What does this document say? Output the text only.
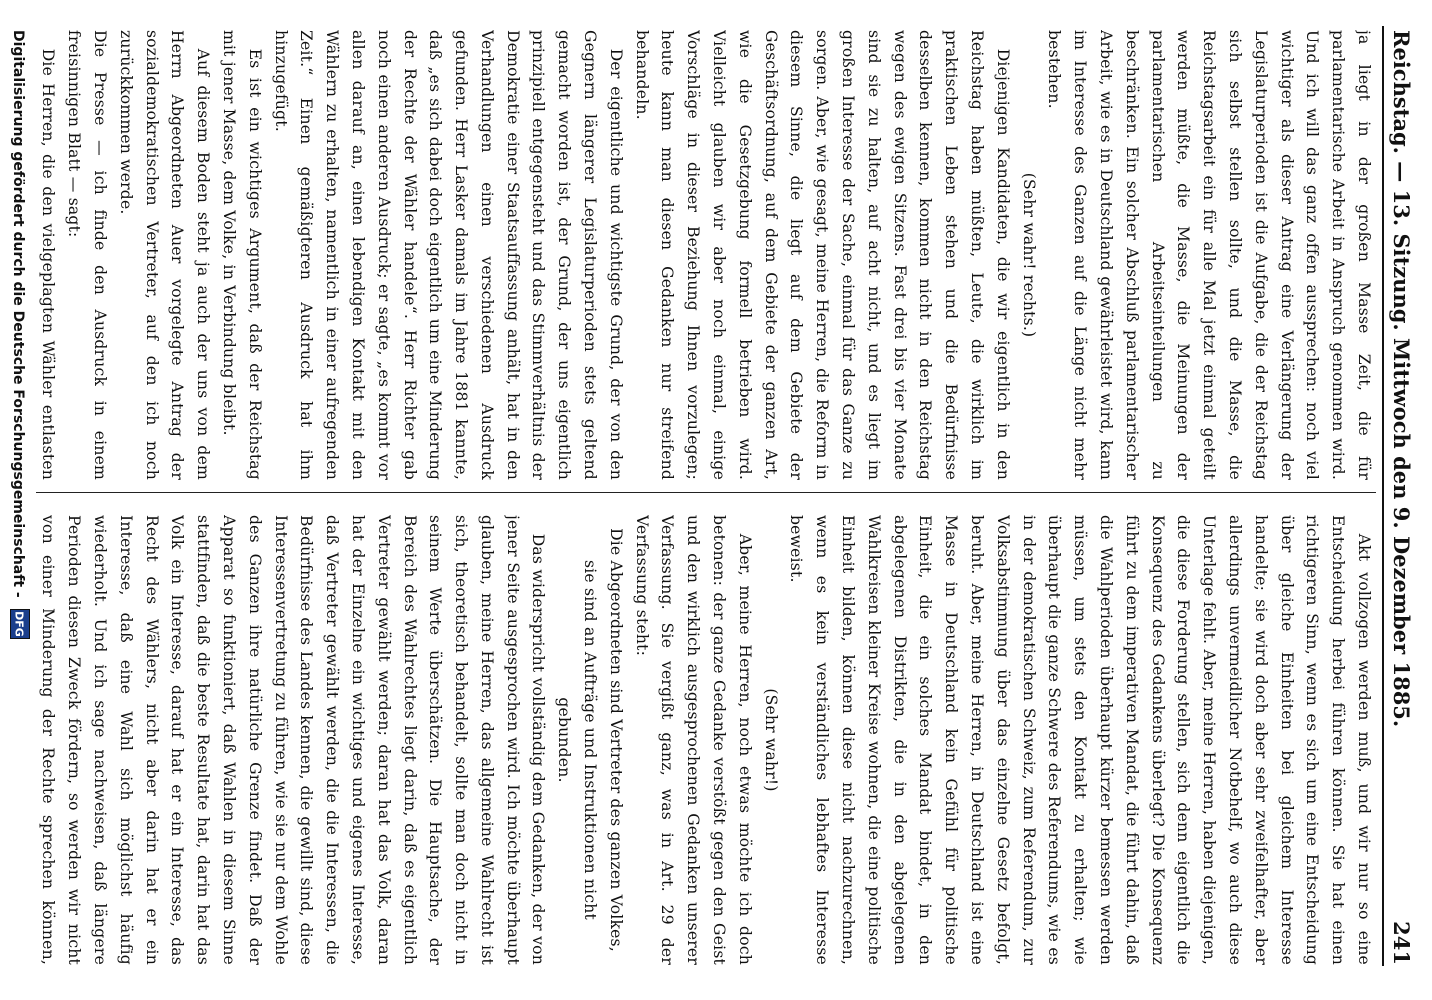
Reichstag. — 13. Sitzung. Mittwoch den 9. Dezember 1885.
241

ja liegt in der großen Masse Zeit, die für parlamentarische Arbeit in Anspruch genommen wird. Und ich will das ganz offen aussprechen: noch viel wichtiger als dieser Antrag eine Verlängerung der Legislaturperioden ist die Aufgabe, die der Reichstag sich selbst stellen sollte, und die Masse, die Reichstagsarbeit ein für alle Mal jetzt einmal geteilt werden müßte, die Masse, die Meinungen der parlamentarischen Arbeitseinteilungen zu beschränken. Ein solcher Abschluß parlamentarischer Arbeit, wie es in Deutschland gewährleistet wird, kann im Interesse des Ganzen auf die Länge nicht mehr bestehen.

(Sehr wahr! rechts.)

Diejenigen Kandidaten, die wir eigentlich in den Reichstag haben müßten, Leute, die wirklich im praktischen Leben stehen und die Bedürfnisse desselben kennen, kommen nicht in den Reichstag wegen des ewigen Sitzens. Fast drei bis vier Monate sind sie zu halten, auf acht nicht, und es liegt im großen Interesse der Sache, einmal für das Ganze zu sorgen. Aber, wie gesagt, meine Herren, die Reform in diesem Sinne, die liegt auf dem Gebiete der Geschäftsordnung, auf dem Gebiete der ganzen Art, wie die Gesetzgebung formell betrieben wird. Vielleicht glauben wir aber noch einmal, einige Vorschläge in dieser Beziehung Ihnen vorzulegen; heute kann man diesen Gedanken nur streifend behandeln.

Der eigentliche und wichtigste Grund, der von den Gegnern längerer Legislaturperioden stets geltend gemacht worden ist, der Grund, der uns eigentlich prinzipiell entgegensteht und das Stimmverhältnis der Demokratie einer Staatsauffassung anhält, hat in den Verhandlungen einen verschiedenen Ausdruck gefunden. Herr Lasker damals im Jahre 1881 kannte, daß „es sich dabei doch eigentlich um eine Minderung der Rechte der Wähler handele“. Herr Richter gab noch einen anderen Ausdruck; er sagte, „es kommt vor allen darauf an, einen lebendigen Kontakt mit den Wählern zu erhalten, namentlich in einer aufregenden Zeit.“ Einen gemäßigteren Ausdruck hat ihm hinzugefügt.

Es ist ein wichtiges Argument, daß der Reichstag mit jener Masse, dem Volke, in Verbindung bleibt.

Auf diesem Boden steht ja auch der uns von dem Herrn Abgeordneten Auer vorgelegte Antrag der sozialdemokratischen Vertreter, auf den ich noch zurückkommen werde.

Die Presse — ich finde den Ausdruck in einem freisinnigen Blatt — sagt:

Die Herren, die den vielgeplagten Wähler entlasten

Akt vollzogen werden muß, und wir nur so eine Entscheidung herbei führen können. Sie hat einen richtigeren Sinn, wenn es sich um eine Entscheidung über gleiche Einheiten bei gleichem Interesse handelte; sie wird doch aber sehr zweifelhafter, aber allerdings unvermeidlicher Notbehelf, wo auch diese Unterlage fehlt. Aber, meine Herren, haben diejenigen, die diese Forderung stellen, sich denn eigentlich die Konsequenz des Gedankens überlegt? Die Konsequenz führt zu dem imperativen Mandat, die führt dahin, daß die Wahlperioden überhaupt kürzer bemessen werden müssen, um stets den Kontakt zu erhalten; wie überhaupt die ganze Schwere des Referendums, wie es in der demokratischen Schweiz, zum Referendum, zur Volksabstimmung über das einzelne Gesetz befolgt, beruht. Aber, meine Herren, in Deutschland ist eine Masse in Deutschland kein Gefühl für politische Einheit, die ein solches Mandat bindet, in den abgelegenen Distrikten, die in den abgelegenen Wahlkreisen kleiner Kreise wohnen, die eine politische Einheit bilden, können diese nicht nachzurechnen, wenn es kein verständliches lebhaftes Interesse beweist.

(Sehr wahr!)

Aber, meine Herren, noch etwas möchte ich doch betonen: der ganze Gedanke verstößt gegen den Geist und den wirklich ausgesprochenen Gedanken unserer Verfassung. Sie vergißt ganz, was in Art. 29 der Verfassung steht:

Die Abgeordneten sind Vertreter des ganzen Volkes, sie sind an Aufträge und Instruktionen nicht gebunden.

Das widerspricht vollständig dem Gedanken, der von jener Seite ausgesprochen wird. Ich möchte überhaupt glauben, meine Herren, das allgemeine Wahlrecht ist sich, theoretisch behandelt, sollte man doch nicht in seinem Werte überschätzen. Die Hauptsache, der Bereich des Wahlrechtes liegt darin, daß es eigentlich Vertreter gewählt werden; daran hat das Volk, daran hat der Einzelne ein wichtiges und eigenes Interesse, daß Vertreter gewählt werden, die die Interessen, die Bedürfnisse des Landes kennen, die gewillt sind, diese Interessenvertretung zu führen, wie sie nur dem Wohle des Ganzen ihre natürliche Grenze findet. Daß der Apparat so funktioniert, daß Wahlen in diesem Sinne stattfinden, daß die beste Resultate hat, darin hat das Volk ein Interesse, darauf hat er ein Interesse, das Recht des Wählers, nicht aber darin hat er ein Interesse, daß eine Wahl sich möglichst häufig wiederholt. Und ich sage nachweisen, daß längere Perioden diesen Zweck fördern, so werden wir nicht von einer Minderung der Rechte sprechen können,

Digitalisierung gefördert durch die Deutsche Forschungsgemeinschaft -
DFG
